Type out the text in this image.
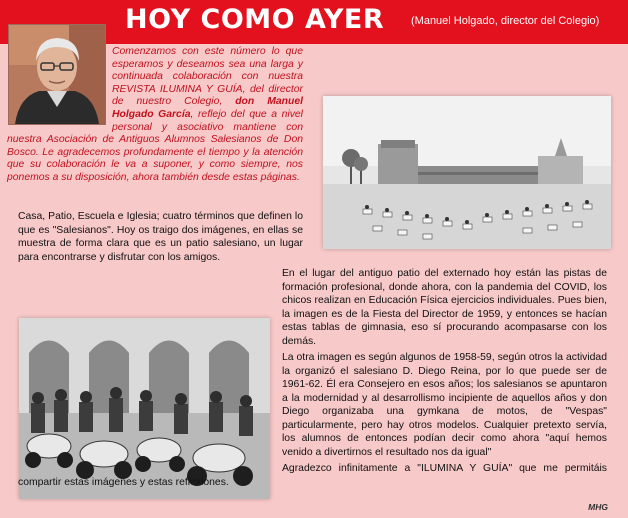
HOY COMO AYER (Manuel Holgado, director del Colegio)

Comenzamos con este número lo que esperamos y deseamos sea una larga y continuada colaboración con nuestra REVISTA ILUMINA Y GUÍA, del director de nuestro Colegio, don Manuel Holgado García, reflejo del que a nivel personal y asociativo mantiene con nuestra Asociación de Antiguos Alumnos Salesianos de Don Bosco. Le agradecemos profundamente el tiempo y la atención que su colaboración le va a suponer, y como siempre, nos ponemos a su disposición, ahora también desde estas páginas.

Casa, Patio, Escuela e Iglesia; cuatro términos que definen lo que es "Salesianos". Hoy os traigo dos imágenes, en ellas se muestra de forma clara que es un patio salesiano, un lugar para encontrarse y disfrutar con los amigos.

En el lugar del antiguo patio del externado hoy están las pistas de formación profesional, donde ahora, con la pandemia del COVID, los chicos realizan en Educación Física ejercicios individuales. Pues bien, la imagen es de la Fiesta del Director de 1959, y entonces se hacían estas tablas de gimnasia, eso sí procurando acompasarse con los demás.

La otra imagen es según algunos de 1958-59, según otros la actividad la organizó el salesiano D. Diego Reina, por lo que puede ser de 1961-62. Él era Consejero en esos años; los salesianos se apuntaron a la modernidad y al desarrollismo incipiente de aquellos años y don Diego organizaba una gymkana de motos, de "Vespas" particularmente, pero hay otros modelos. Cualquier pretexto servía, los alumnos de entonces podían decir como ahora "aquí hemos venido a divertirnos el resultado nos da igual"

Agradezco infinitamente a "ILUMINA Y GUÍA" que me permitáis compartir estas imágenes y estas reflexiones.

MHG
